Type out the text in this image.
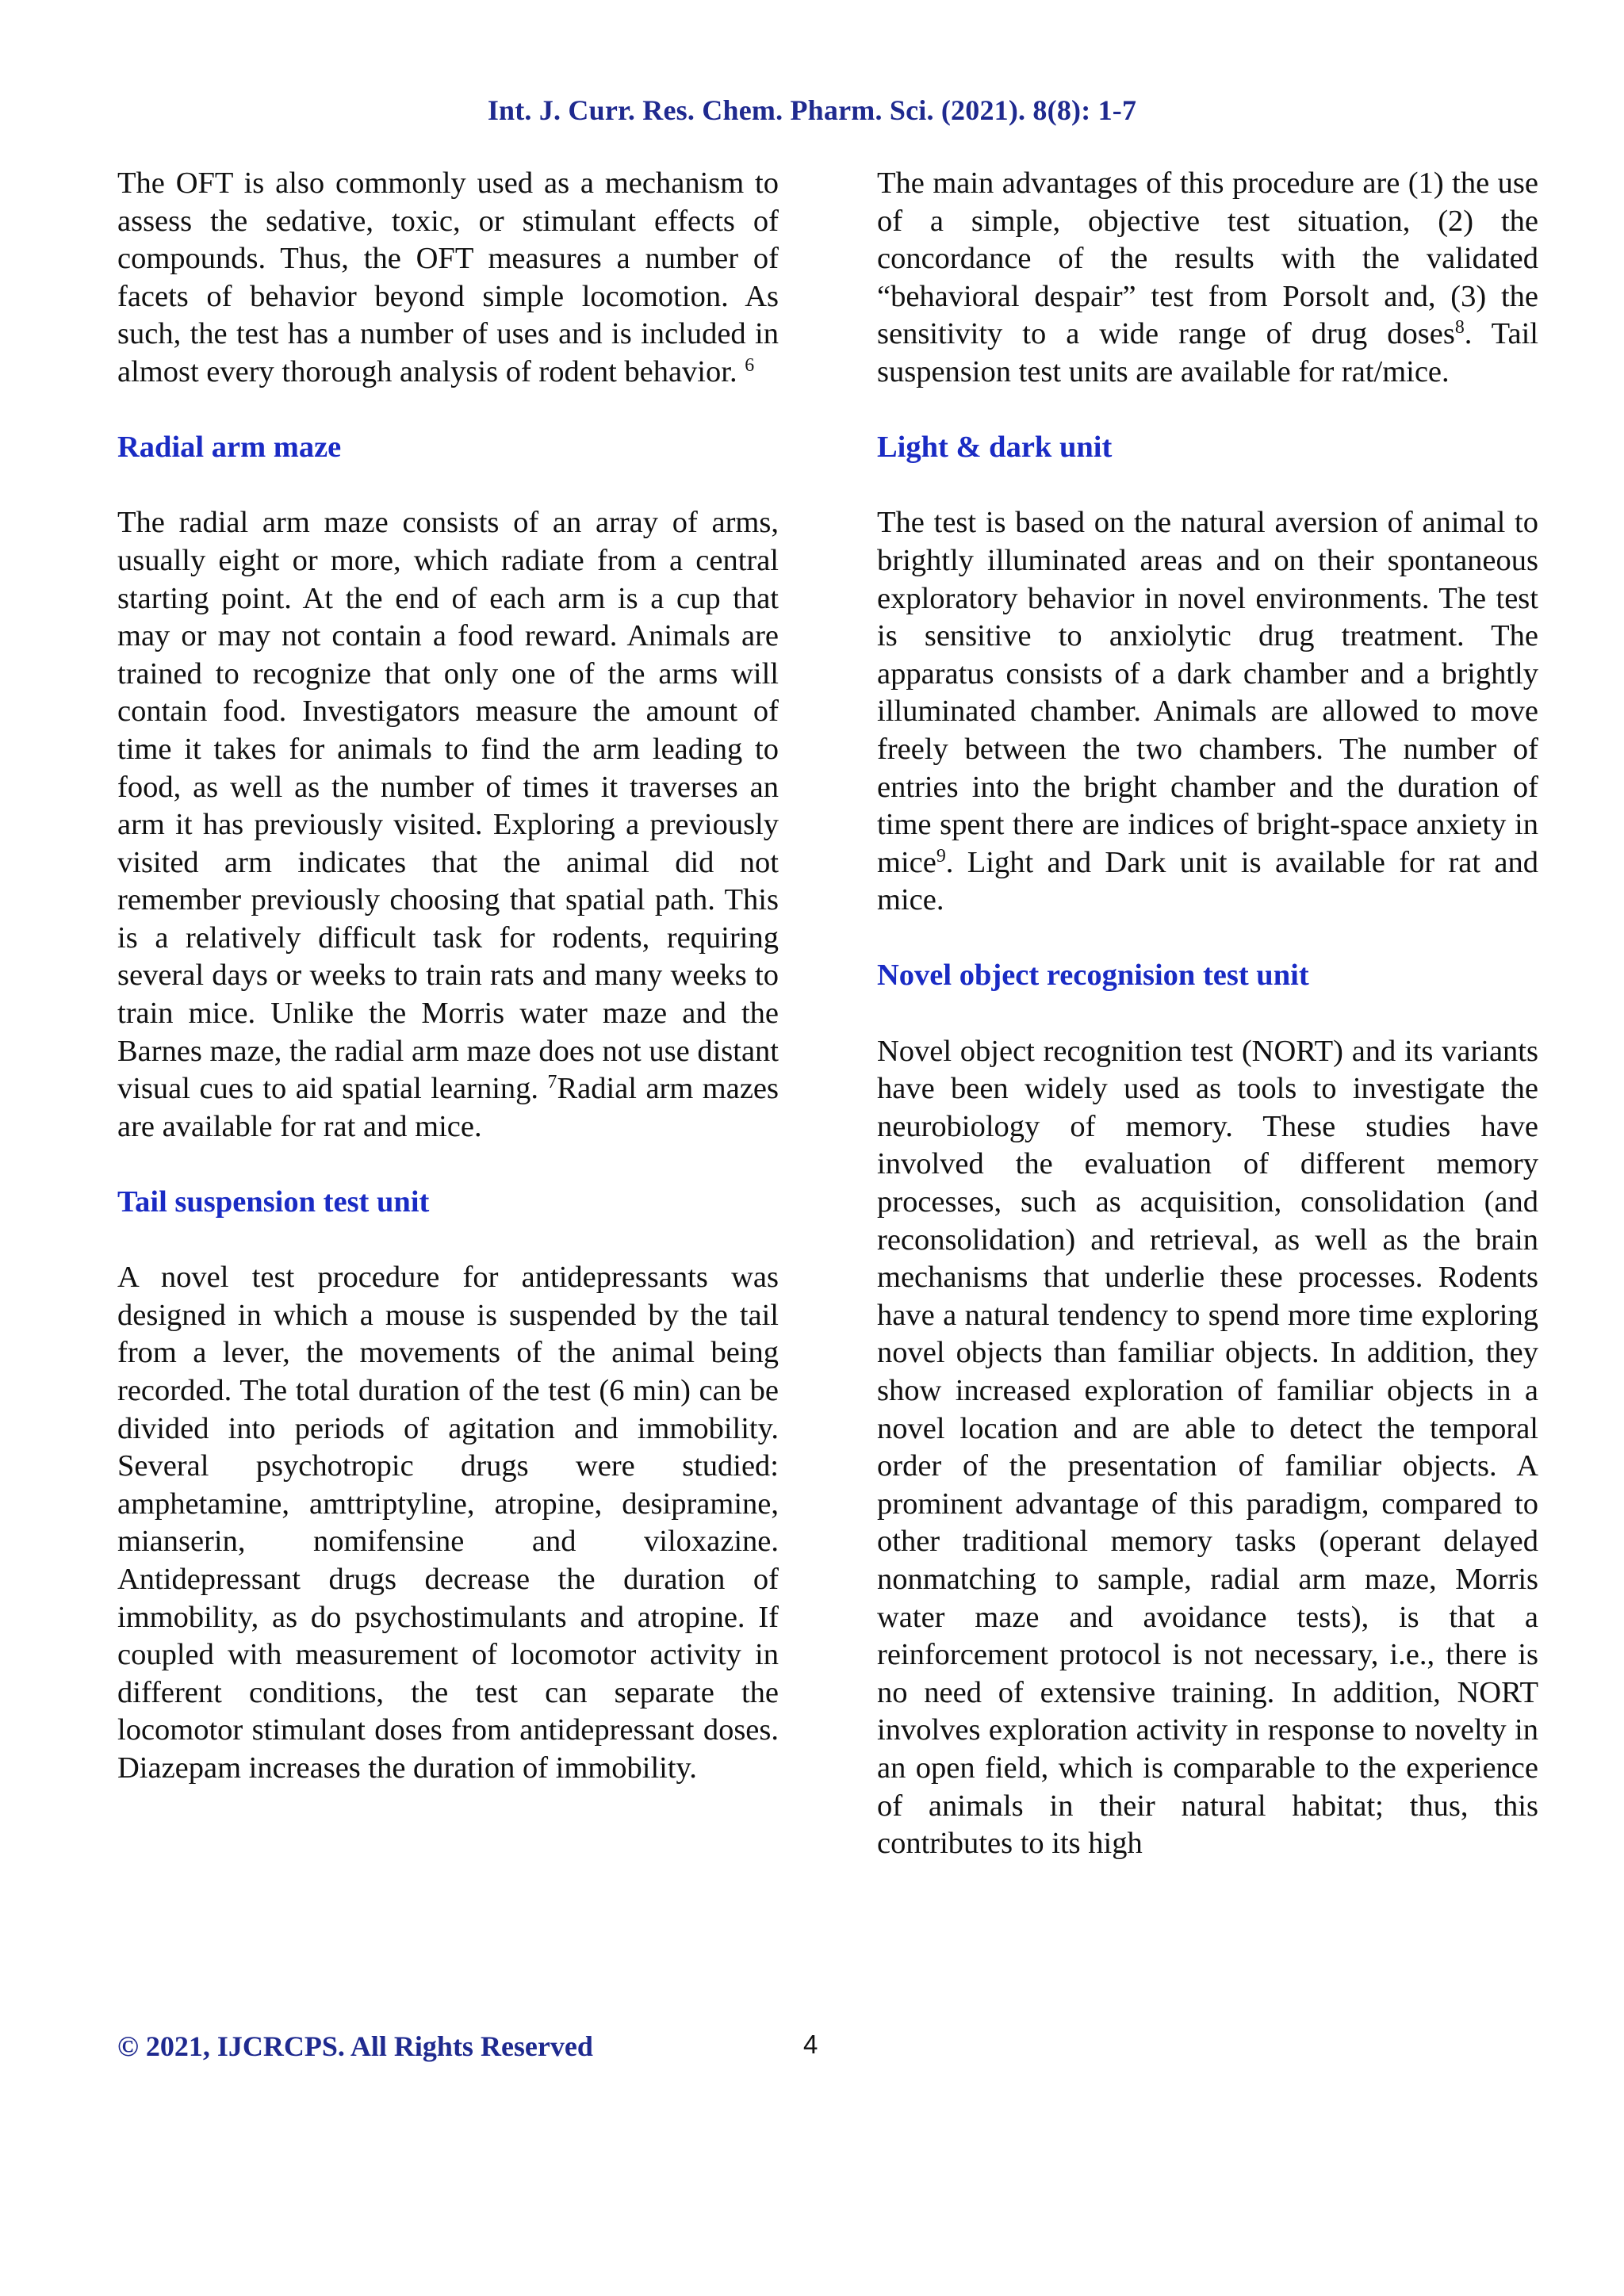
Int. J. Curr. Res. Chem. Pharm. Sci. (2021). 8(8): 1-7

The OFT is also commonly used as a mechanism to assess the sedative, toxic, or stimulant effects of compounds. Thus, the OFT measures a number of facets of behavior beyond simple locomotion. As such, the test has a number of uses and is included in almost every thorough analysis of rodent behavior. $^6$

Radial arm maze

The radial arm maze consists of an array of arms, usually eight or more, which radiate from a central starting point. At the end of each arm is a cup that may or may not contain a food reward. Animals are trained to recognize that only one of the arms will contain food. Investigators measure the amount of time it takes for animals to find the arm leading to food, as well as the number of times it traverses an arm it has previously visited. Exploring a previously visited arm indicates that the animal did not remember previously choosing that spatial path. This is a relatively difficult task for rodents, requiring several days or weeks to train rats and many weeks to train mice. Unlike the Morris water maze and the Barnes maze, the radial arm maze does not use distant visual cues to aid spatial learning. $^7$Radial arm mazes are available for rat and mice.

Tail suspension test unit

A novel test procedure for antidepressants was designed in which a mouse is suspended by the tail from a lever, the movements of the animal being recorded. The total duration of the test (6 min) can be divided into periods of agitation and immobility. Several psychotropic drugs were studied: amphetamine, amttriptyline, atropine, desipramine, mianserin, nomifensine and viloxazine. Antidepressant drugs decrease the duration of immobility, as do psychostimulants and atropine. If coupled with measurement of locomotor activity in different conditions, the test can separate the locomotor stimulant doses from antidepressant doses. Diazepam increases the duration of immobility.

The main advantages of this procedure are (1) the use of a simple, objective test situation, (2) the concordance of the results with the validated “behavioral despair” test from Porsolt and, (3) the sensitivity to a wide range of drug doses$^8$. Tail suspension test units are available for rat/mice.

Light & dark unit

The test is based on the natural aversion of animal to brightly illuminated areas and on their spontaneous exploratory behavior in novel environments. The test is sensitive to anxiolytic drug treatment. The apparatus consists of a dark chamber and a brightly illuminated chamber. Animals are allowed to move freely between the two chambers. The number of entries into the bright chamber and the duration of time spent there are indices of bright-space anxiety in mice$^9$. Light and Dark unit is available for rat and mice.

Novel object recognision test unit

Novel object recognition test (NORT) and its variants have been widely used as tools to investigate the neurobiology of memory. These studies have involved the evaluation of different memory processes, such as acquisition, consolidation (and reconsolidation) and retrieval, as well as the brain mechanisms that underlie these processes. Rodents have a natural tendency to spend more time exploring novel objects than familiar objects. In addition, they show increased exploration of familiar objects in a novel location and are able to detect the temporal order of the presentation of familiar objects. A prominent advantage of this paradigm, compared to other traditional memory tasks (operant delayed nonmatching to sample, radial arm maze, Morris water maze and avoidance tests), is that a reinforcement protocol is not necessary, i.e., there is no need of extensive training. In addition, NORT involves exploration activity in response to novelty in an open field, which is comparable to the experience of animals in their natural habitat; thus, this contributes to its high

© 2021, IJCRCPS. All Rights Reserved	4
